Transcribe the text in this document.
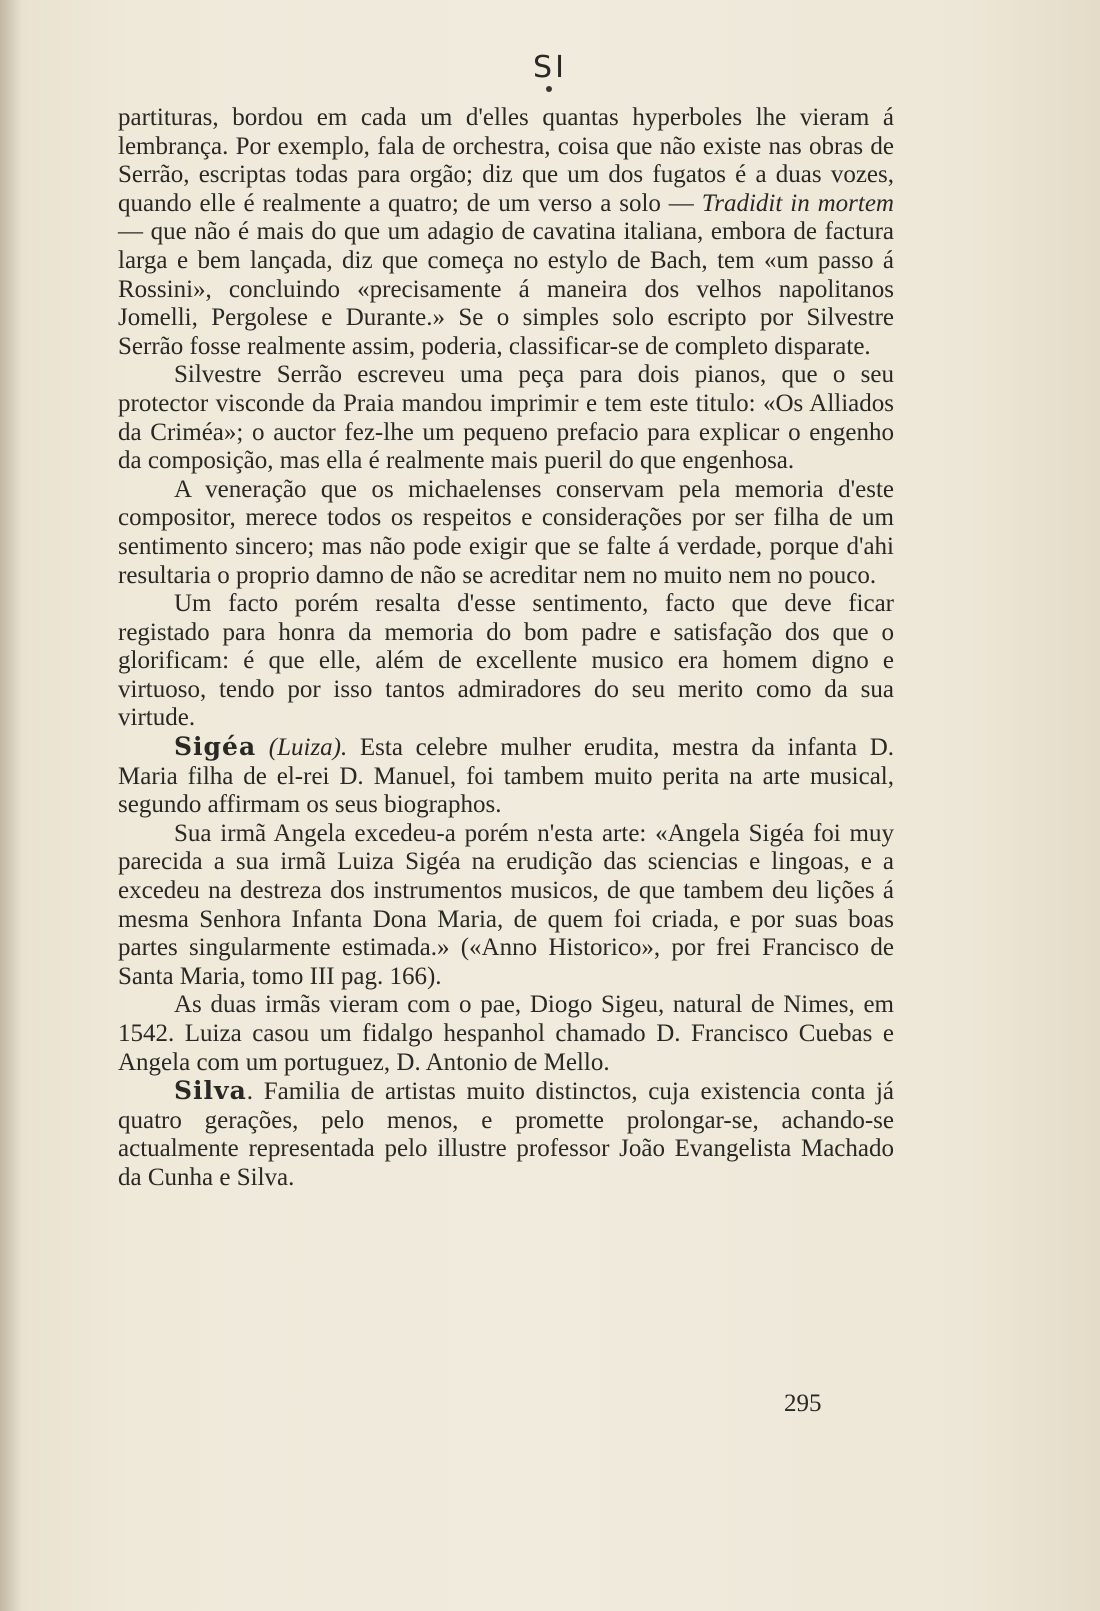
SI

partituras, bordou em cada um d'elles quantas hyperboles lhe vieram á lembrança. Por exemplo, fala de orchestra, coisa que não existe nas obras de Serrão, escriptas todas para orgão; diz que um dos fugatos é a duas vozes, quando elle é realmente a quatro; de um verso a solo — Tradidit in mortem — que não é mais do que um adagio de cavatina italiana, embora de factura larga e bem lançada, diz que começa no estylo de Bach, tem «um passo á Rossini», concluindo «precisamente á maneira dos velhos napolitanos Jomelli, Pergolese e Durante.» Se o simples solo escripto por Silvestre Serrão fosse realmente assim, poderia, classificar-se de completo disparate.

Silvestre Serrão escreveu uma peça para dois pianos, que o seu protector visconde da Praia mandou imprimir e tem este titulo: «Os Alliados da Criméa»; o auctor fez-lhe um pequeno prefacio para explicar o engenho da composição, mas ella é realmente mais pueril do que engenhosa.

A veneração que os michaelenses conservam pela memoria d'este compositor, merece todos os respeitos e considerações por ser filha de um sentimento sincero; mas não pode exigir que se falte á verdade, porque d'ahi resultaria o proprio damno de não se acreditar nem no muito nem no pouco.

Um facto porém resalta d'esse sentimento, facto que deve ficar registado para honra da memoria do bom padre e satisfação dos que o glorificam: é que elle, além de excellente musico era homem digno e virtuoso, tendo por isso tantos admiradores do seu merito como da sua virtude.

Sigéa (Luiza). Esta celebre mulher erudita, mestra da infanta D. Maria filha de el-rei D. Manuel, foi tambem muito perita na arte musical, segundo affirmam os seus biographos.

Sua irmã Angela excedeu-a porém n'esta arte: «Angela Sigéa foi muy parecida a sua irmã Luiza Sigéa na erudição das sciencias e lingoas, e a excedeu na destreza dos instrumentos musicos, de que tambem deu lições á mesma Senhora Infanta Dona Maria, de quem foi criada, e por suas boas partes singularmente estimada.» («Anno Historico», por frei Francisco de Santa Maria, tomo III pag. 166).

As duas irmãs vieram com o pae, Diogo Sigeu, natural de Nimes, em 1542. Luiza casou um fidalgo hespanhol chamado D. Francisco Cuebas e Angela com um portuguez, D. Antonio de Mello.

Silva. Familia de artistas muito distinctos, cuja existencia conta já quatro gerações, pelo menos, e promette prolongar-se, achando-se actualmente representada pelo illustre professor João Evangelista Machado da Cunha e Silva.

295
